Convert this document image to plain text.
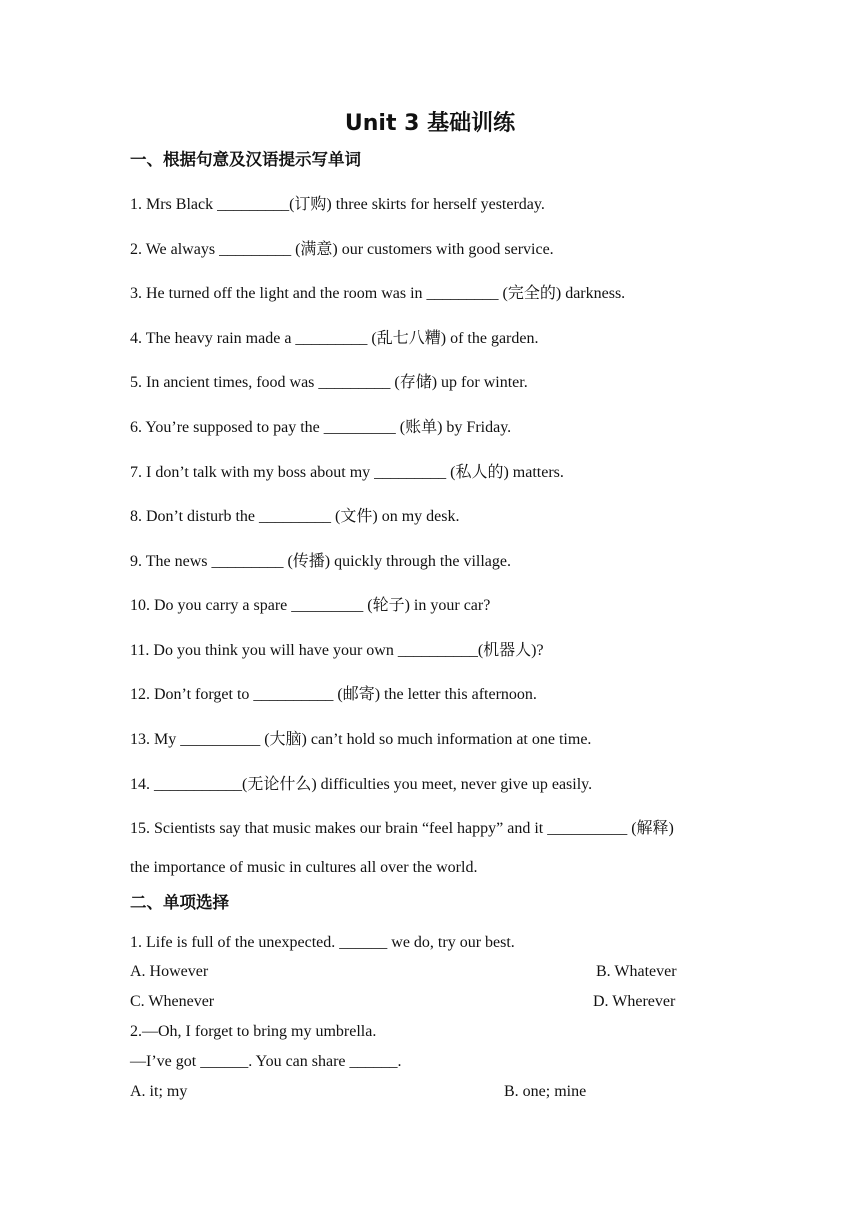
Unit 3 基础训练
一、根据句意及汉语提示写单词
1. Mrs Black _________(订购) three skirts for herself yesterday.
2. We always _________ (满意) our customers with good service.
3. He turned off the light and the room was in _________ (完全的) darkness.
4. The heavy rain made a _________ (乱七八糟) of the garden.
5. In ancient times, food was _________ (存储) up for winter.
6. You’re supposed to pay the _________ (账单) by Friday.
7. I don’t talk with my boss about my _________ (私人的) matters.
8. Don’t disturb the _________ (文件) on my desk.
9. The news _________ (传播) quickly through the village.
10. Do you carry a spare _________ (轮子) in your car?
11. Do you think you will have your own __________(机器人)?
12. Don’t forget to __________ (邮寄) the letter this afternoon.
13. My __________ (大脑) can’t hold so much information at one time.
14. ___________(无论什么) difficulties you meet, never give up easily.
15. Scientists say that music makes our brain “feel happy” and it __________ (解释)
the importance of music in cultures all over the world.
二、单项选择
1. Life is full of the unexpected. ______ we do, try our best.
A. However	B. Whatever
C. Whenever	D. Wherever
2.—Oh, I forget to bring my umbrella.
—I’ve got ______. You can share ______.
A. it; my	B. one; mine
